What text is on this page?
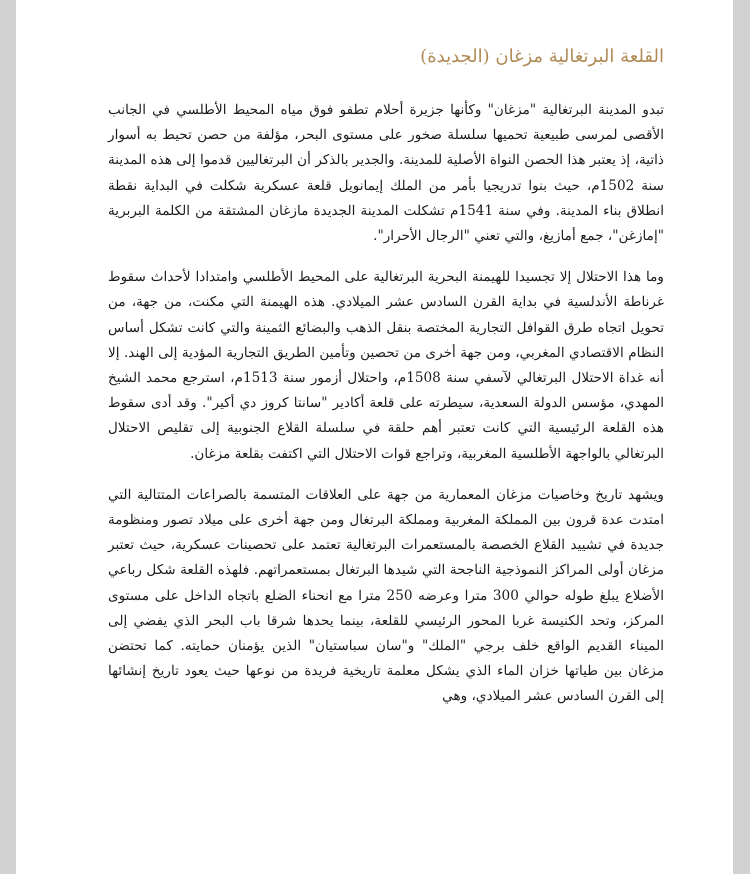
القلعة البرتغالية مزغان (الجديدة)

تبدو المدينة البرتغالية "مزغان" وكأنها جزيرة أحلام تطفو فوق مياه المحيط الأطلسي في الجانب الأقصى لمرسى طبيعية تحميها سلسلة صخور على مستوى البحر، مؤلفة من حصن تحيط به أسوار ذاتية، إذ يعتبر هذا الحصن النواة الأصلية للمدينة. والجدير بالذكر أن البرتغاليين قدموا إلى هذه المدينة سنة 1502م، حيث بنوا تدريجيا بأمر من الملك إيمانويل قلعة عسكرية شكلت في البداية نقطة انطلاق بناء المدينة. وفي سنة 1541م تشكلت المدينة الجديدة مازغان المشتقة من الكلمة البربرية "إمازغن"، جمع أمازيغ، والتي تعني "الرجال الأحرار".

وما هذا الاحتلال إلا تجسيدا للهيمنة البحرية البرتغالية على المحيط الأطلسي وامتدادا لأحداث سقوط غرناطة الأندلسية في بداية القرن السادس عشر الميلادي. هذه الهيمنة التي مكنت، من جهة، من تحويل اتجاه طرق القوافل التجارية المختصة بنقل الذهب والبضائع الثمينة والتي كانت تشكل أساس النظام الاقتصادي المغربي، ومن جهة أخرى من تحصين وتأمين الطريق التجارية المؤدية إلى الهند. إلا أنه غداة الاحتلال البرتغالي لآسفي سنة 1508م، واحتلال أزمور سنة 1513م، استرجع محمد الشيخ المهدي، مؤسس الدولة السعدية، سيطرته على قلعة أكادير "سانتا كروز دي أكير". وقد أدى سقوط هذه القلعة الرئيسية التي كانت تعتبر أهم حلقة في سلسلة القلاع الجنوبية إلى تقليص الاحتلال البرتغالي بالواجهة الأطلسية المغربية، وتراجع قوات الاحتلال التي اكتفت بقلعة مزغان.

ويشهد تاريخ وخاصيات مزغان المعمارية من جهة على العلاقات المتسمة بالصراعات المتتالية التي امتدت عدة قرون بين المملكة المغربية ومملكة البرتغال ومن جهة أخرى على ميلاد تصور ومنظومة جديدة في تشييد القلاع الخصصة بالمستعمرات البرتغالية تعتمد على تحصينات عسكرية، حيث تعتبر مزغان أولى المراكز النموذجية الناجحة التي شيدها البرتغال بمستعمراتهم. فلهذه القلعة شكل رباعي الأضلاع يبلغ طوله حوالي 300 مترا وعرضه 250 مترا مع انحناء الضلع باتجاه الداخل على مستوى المركز، وتحد الكنيسة غربا المحور الرئيسي للقلعة، بينما يحدها شرقا باب البحر الذي يفضي إلى الميناء القديم الواقع خلف برجي "الملك" و"سان سباستيان" الذين يؤمنان حمايته. كما تحتضن مزغان بين طياتها خزان الماء الذي يشكل معلمة تاريخية فريدة من نوعها حيث يعود تاريخ إنشائها إلى القرن السادس عشر الميلادي، وهي
